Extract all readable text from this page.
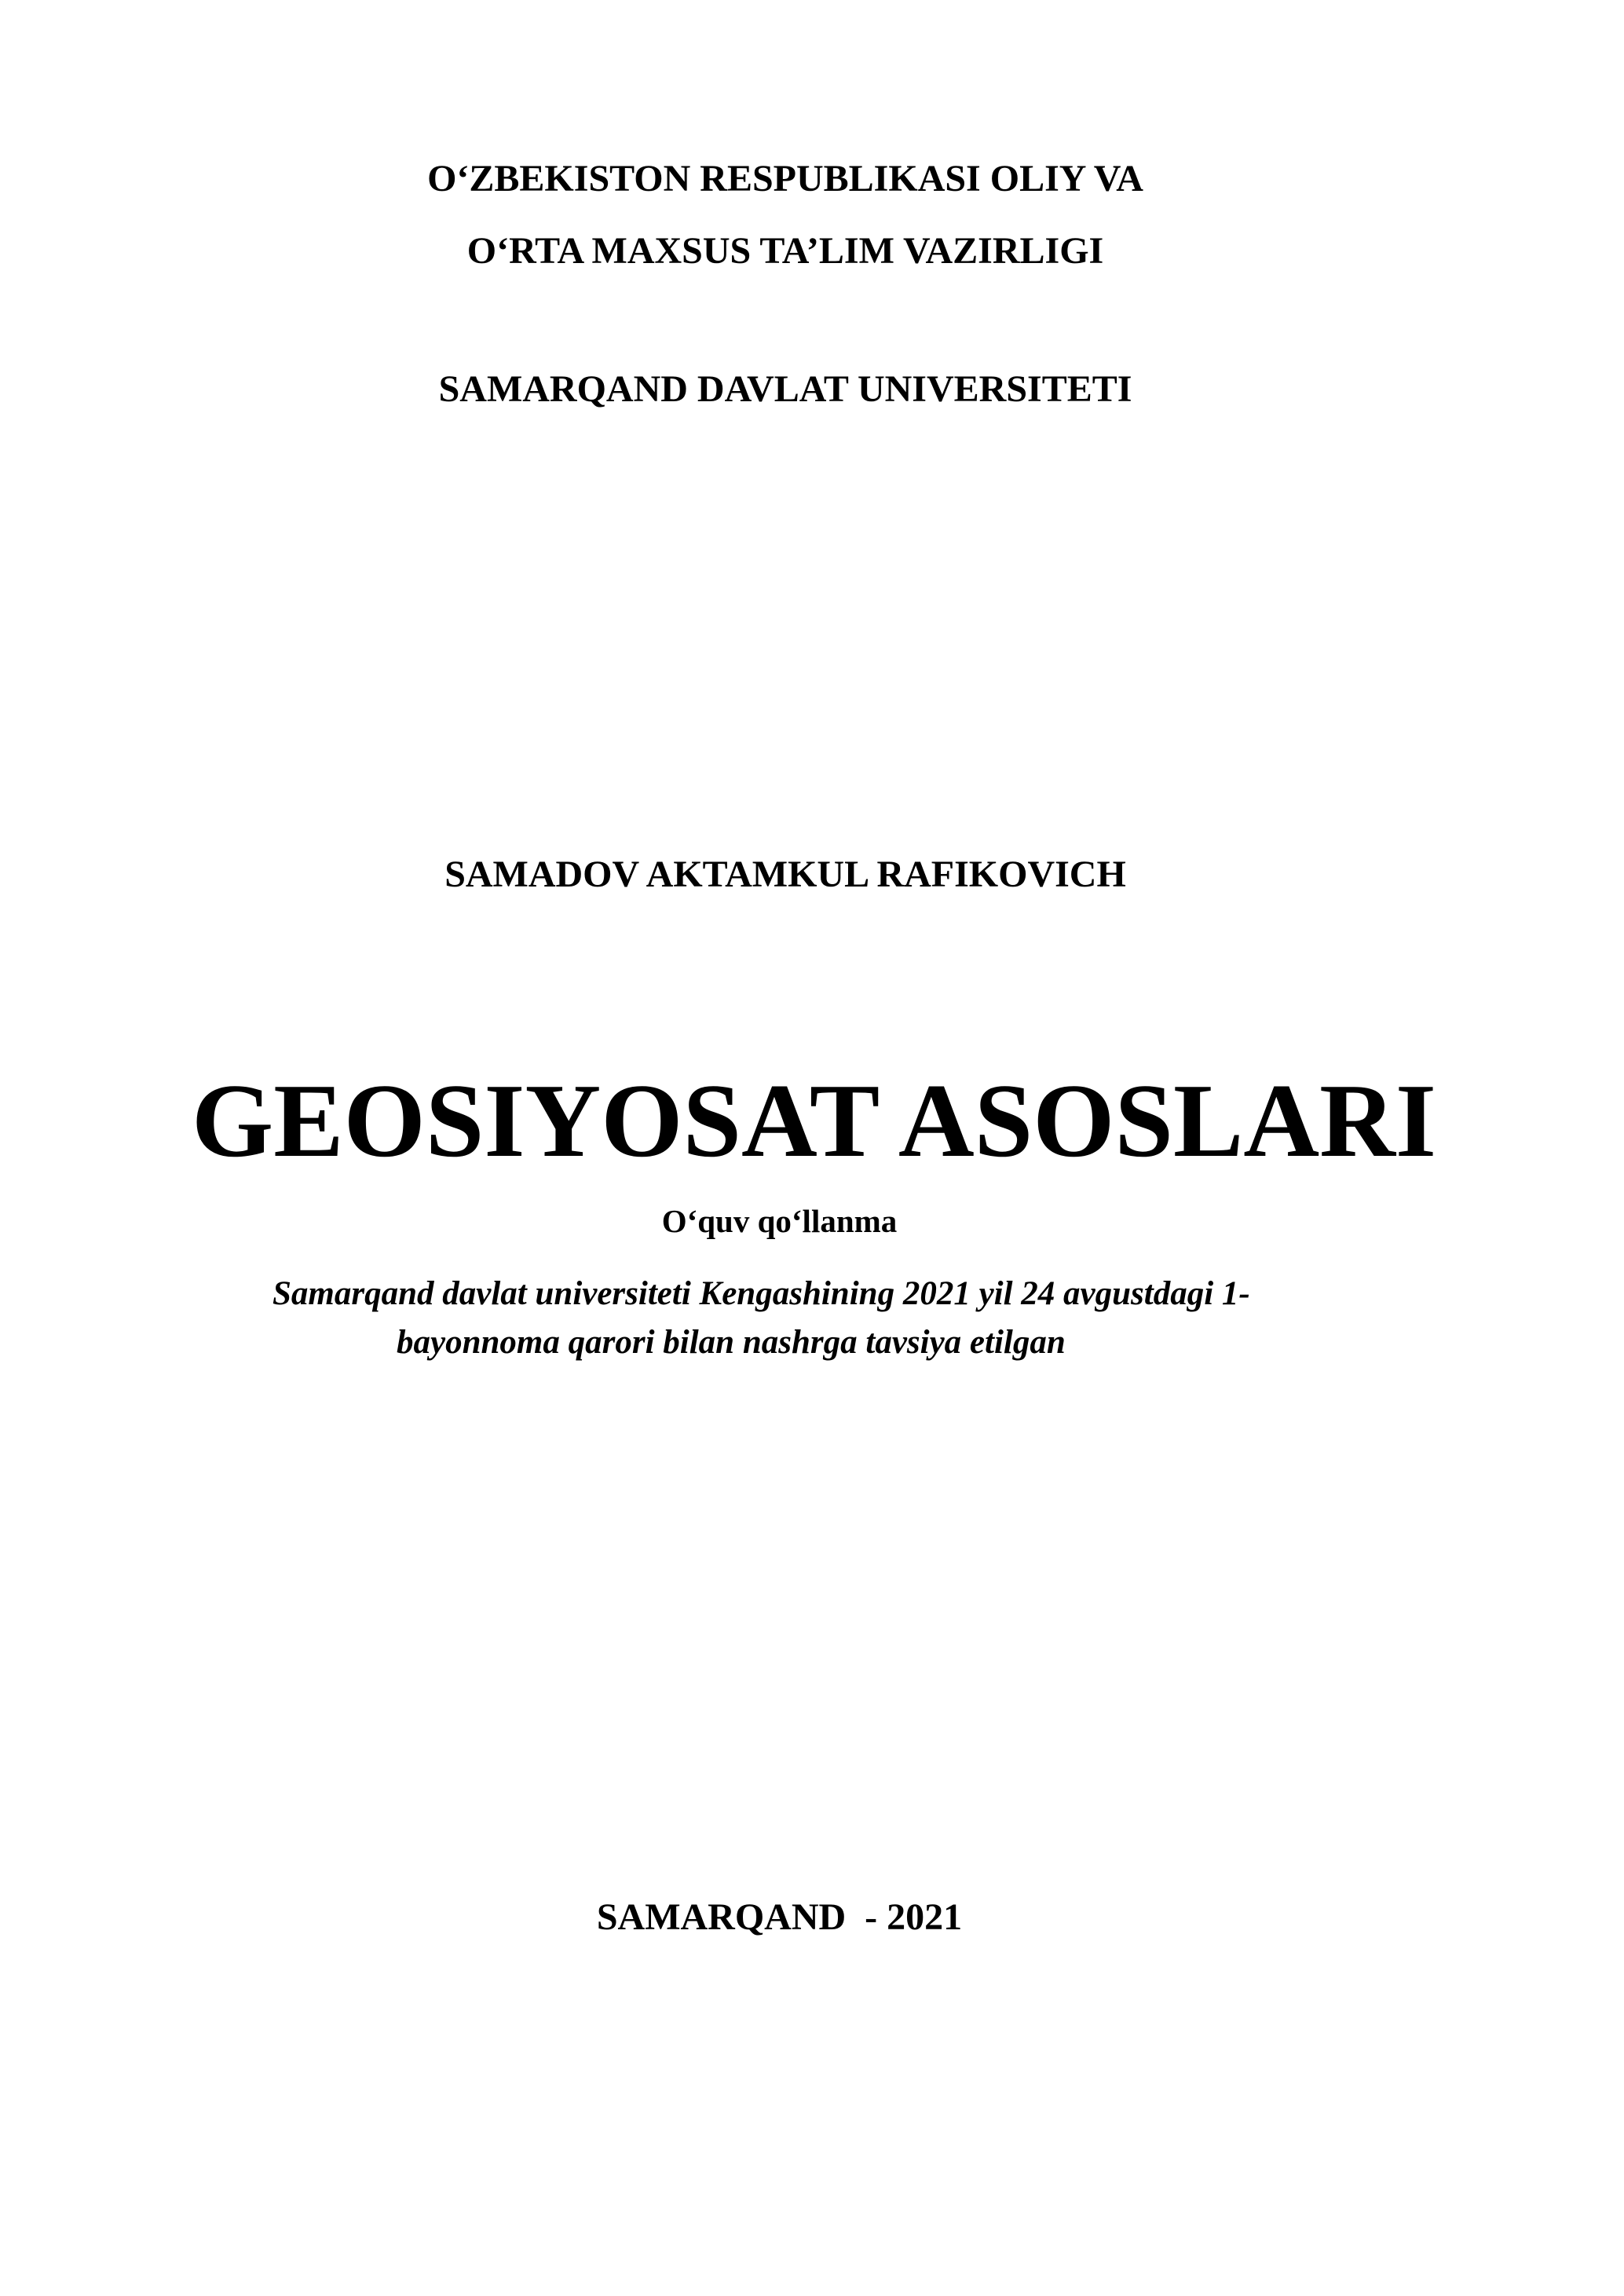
O‘ZBEKISTON RESPUBLIKASI OLIY VA
O‘RTA MAXSUS TA’LIM VAZIRLIGI
SAMARQAND DAVLAT UNIVERSITETI
SAMADOV AKTAMKUL RAFIKOVICH
GEOSIYOSAT ASOSLARI
O‘quv qo‘llanma
Samarqand davlat universiteti Kengashining 2021 yil 24 avgustdagi 1-
bayonnoma qarori bilan nashrga tavsiya etilgan
SAMARQAND  - 2021
